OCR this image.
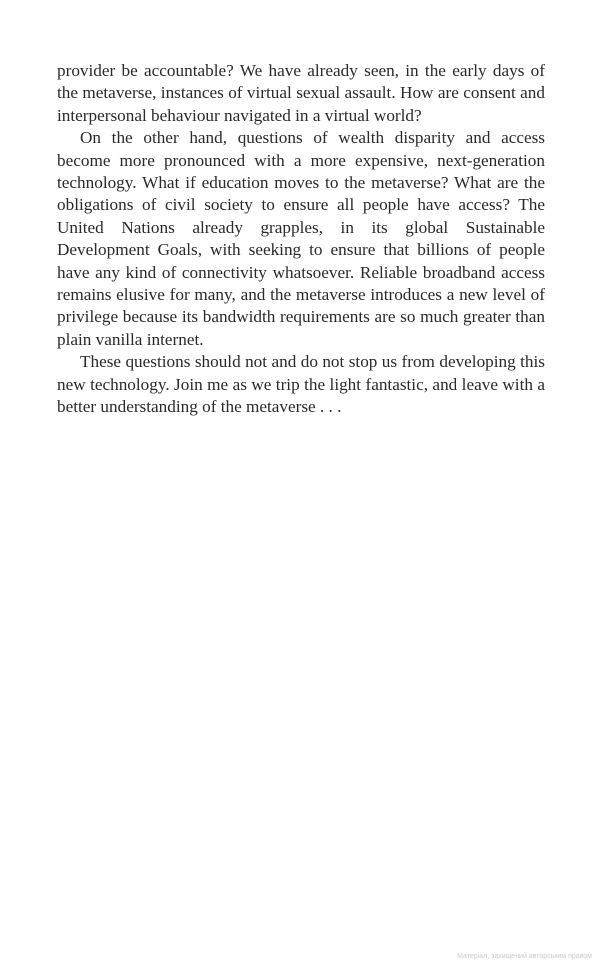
provider be accountable? We have already seen, in the early days of the metaverse, instances of virtual sexual assault. How are consent and interpersonal behaviour navigated in a virtual world?

On the other hand, questions of wealth disparity and access become more pronounced with a more expensive, next-generation technology. What if education moves to the metaverse? What are the obligations of civil society to ensure all people have access? The United Nations already grapples, in its global Sustainable Development Goals, with seeking to ensure that billions of people have any kind of connectivity whatsoever. Reliable broadband access remains elusive for many, and the metaverse introduces a new level of privilege because its bandwidth requirements are so much greater than plain vanilla internet.

These questions should not and do not stop us from developing this new technology. Join me as we trip the light fantastic, and leave with a better understanding of the metaverse . . .

Матеріал, захищений авторським правом
